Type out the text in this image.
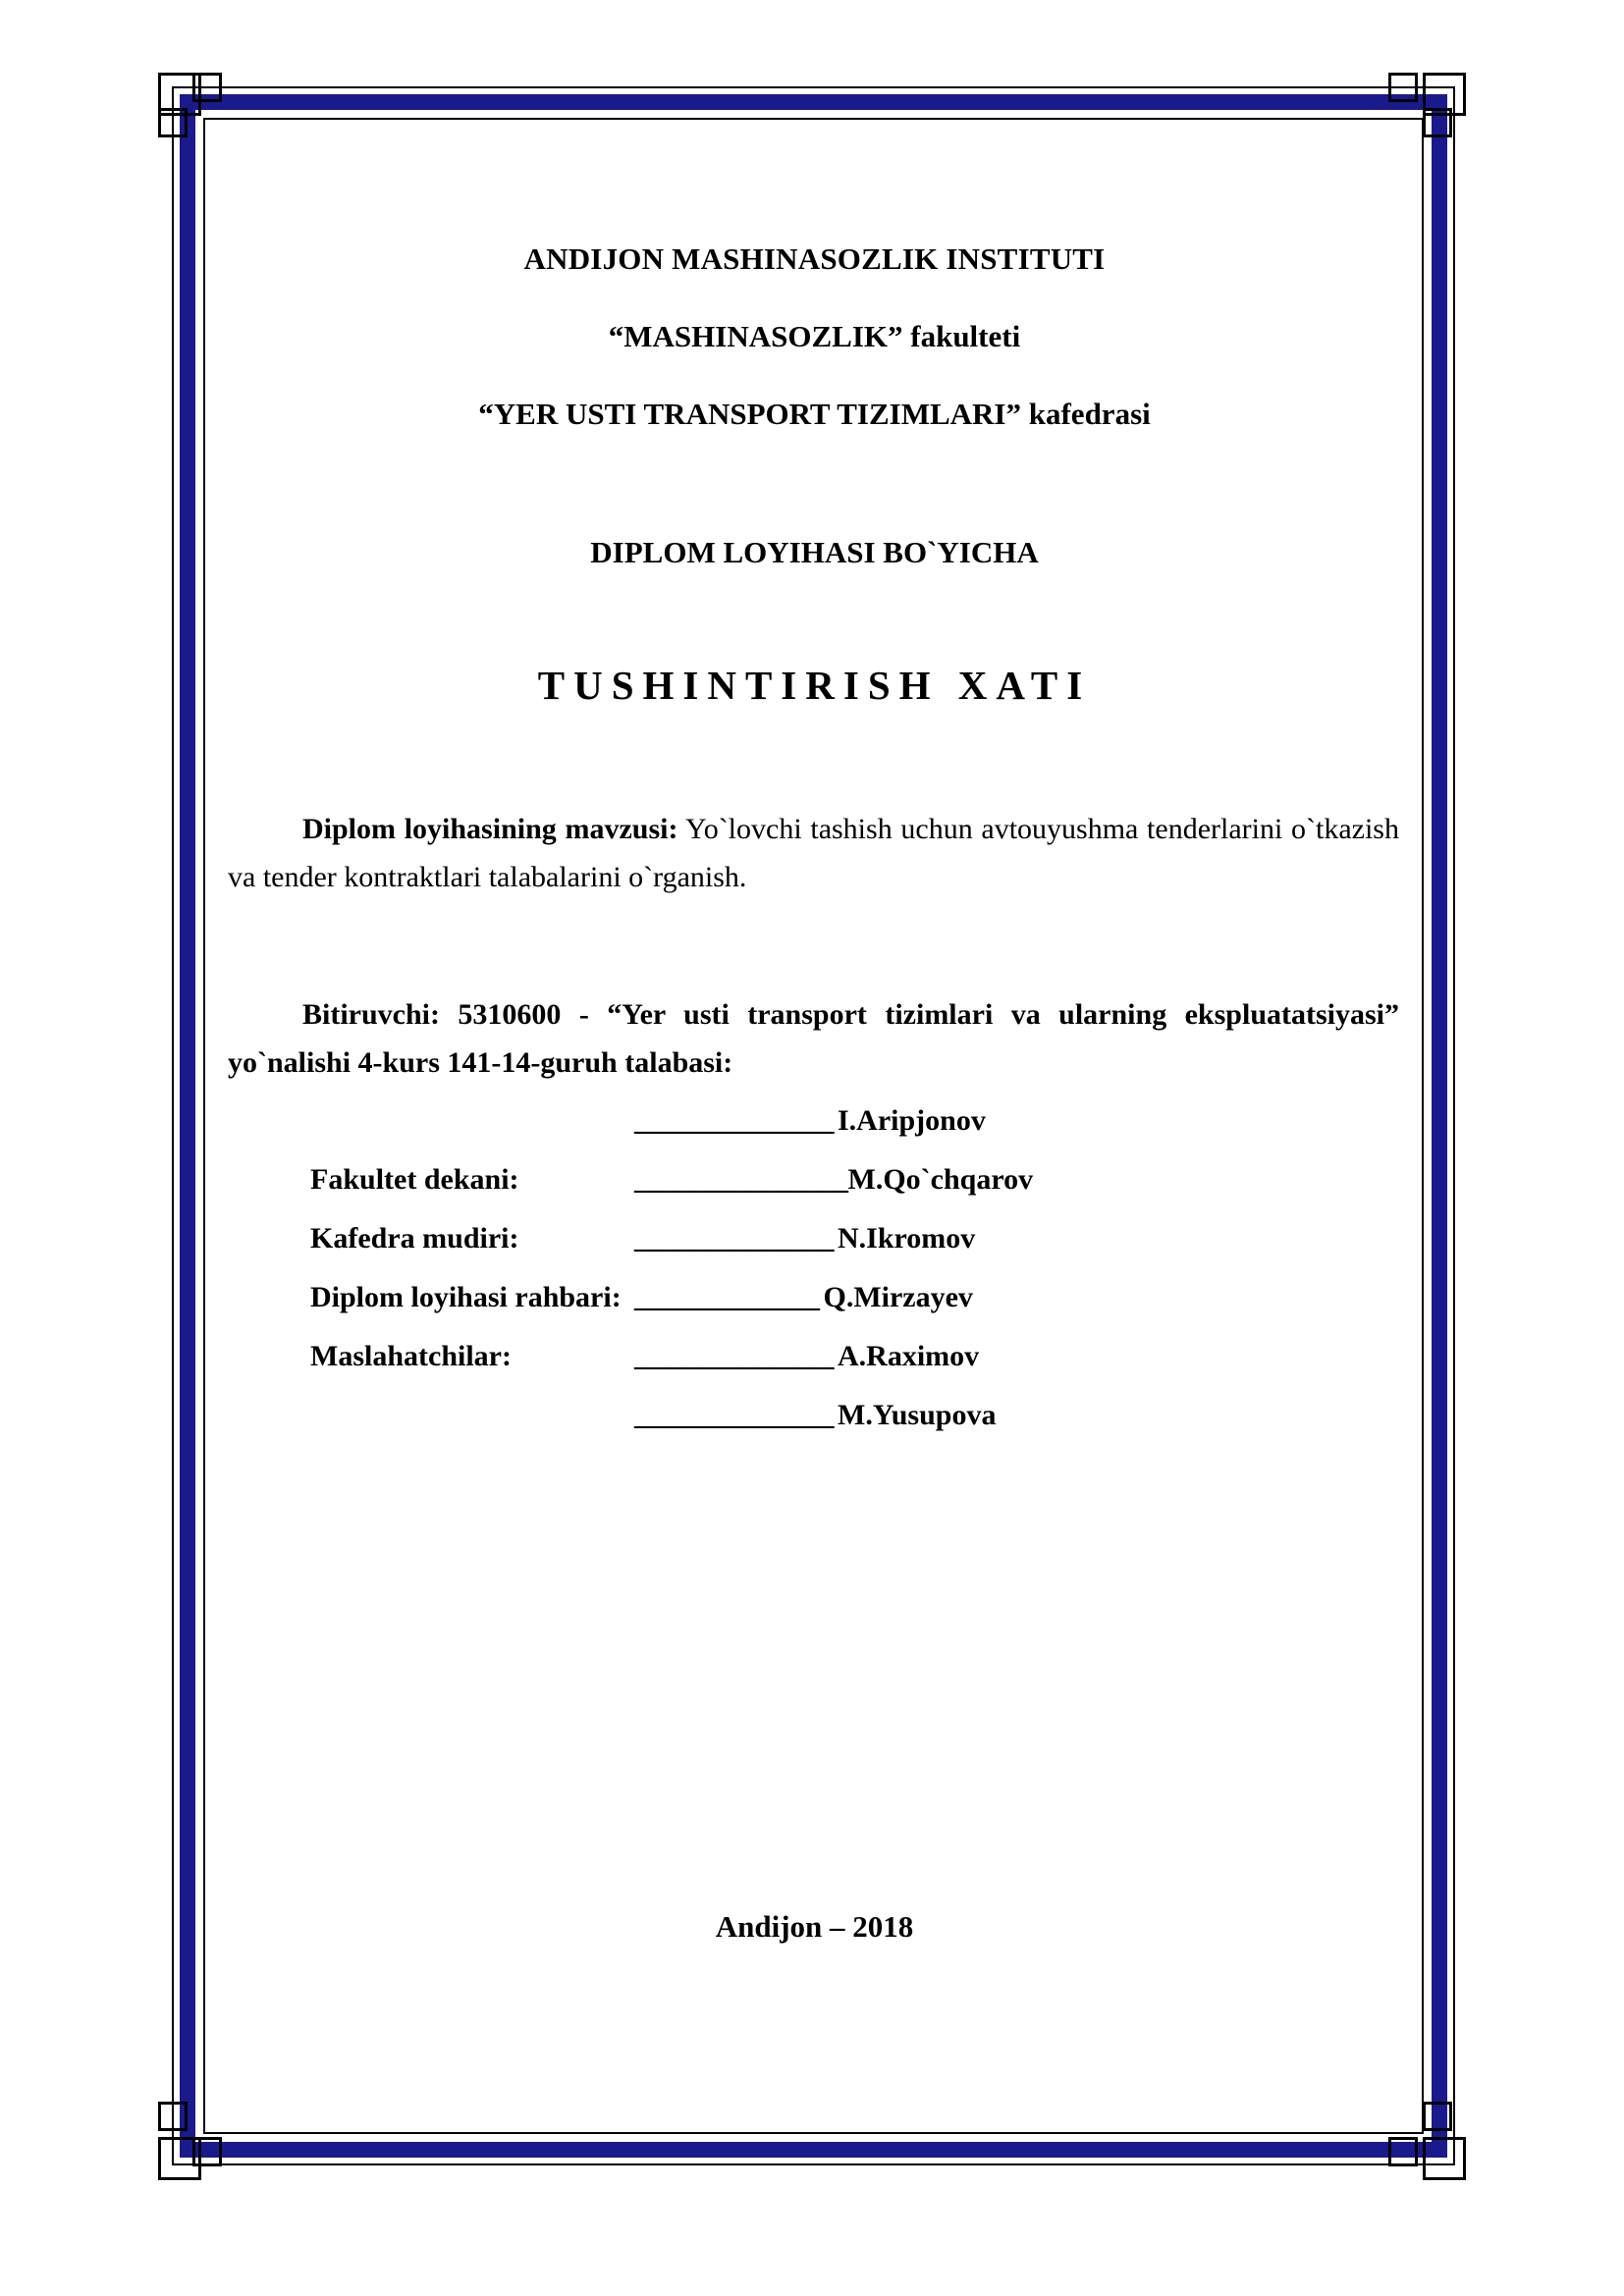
ANDIJON MASHINASOZLIK INSTITUTI
“MASHINASOZLIK” fakulteti
“YER USTI TRANSPORT TIZIMLARI” kafedrasi
DIPLOM LOYIHASI BO`YICHA
TUSHINTIRISH XATI
Diplom loyihasining mavzusi: Yo`lovchi tashish uchun avtouyushma tenderlarini o`tkazish va tender kontraktlari talabalarini o`rganish.
Bitiruvchi: 5310600 - “Yer usti transport tizimlari va ularning ekspluatatsiyasi” yo`nalishi 4-kurs 141-14-guruh talabasi:
______________ I.Aripjonov
Fakultet dekani:	_______________ M.Qo`chqarov
Kafedra mudiri:	______________ N.Ikromov
Diplom loyihasi rahbari: _____________ Q.Mirzayev
Maslahatchilar:	______________ A.Raximov
______________ M.Yusupova
Andijon – 2018
